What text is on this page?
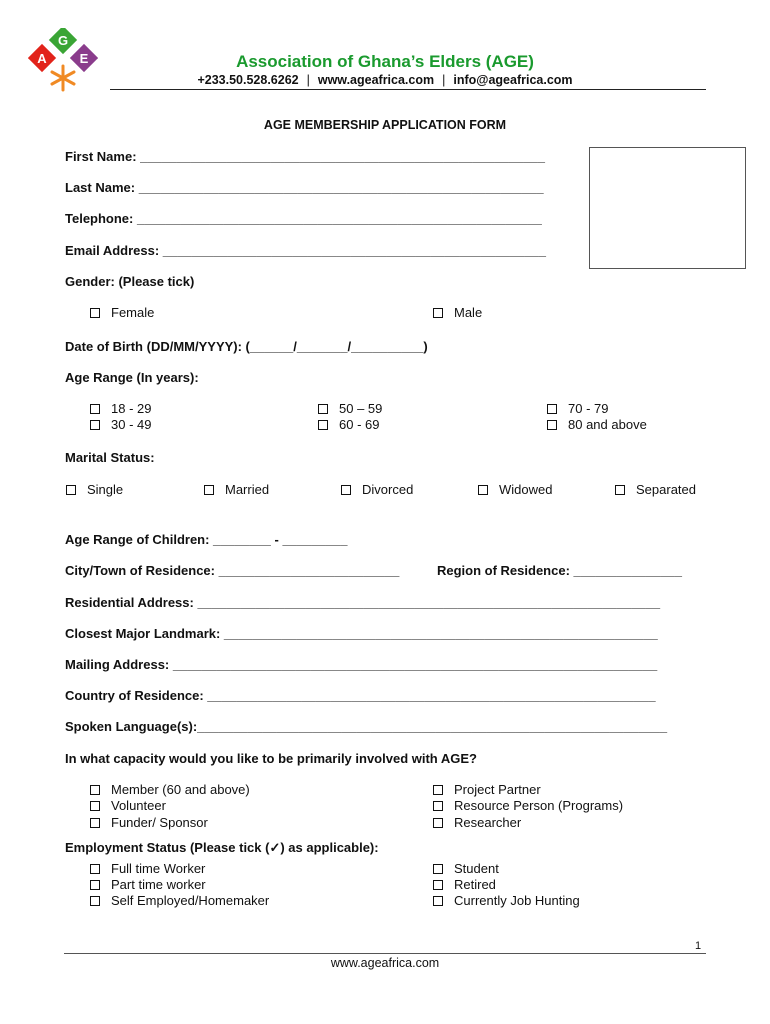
G
A	E	Association of Ghana’s Elders (AGE)
+233.50.528.6262 | www.ageafrica.com | info@ageafrica.com
AGE MEMBERSHIP APPLICATION FORM
First Name: ________________________________________________________
Last Name: ________________________________________________________
Telephone: ________________________________________________________
Email Address: _____________________________________________________
Gender: (Please tick)
Female	Male
Date of Birth (DD/MM/YYYY): (______/_______/__________)
Age Range (In years):
18 - 29
30 - 49
50 – 59
60 - 69
70 - 79
80 and above
Marital Status:
Single	Married	Divorced	Widowed	Separated
Age Range of Children: ________ - _________
City/Town of Residence: _________________________	Region of Residence: _______________
Residential Address: ________________________________________________________________
Closest Major Landmark: ____________________________________________________________
Mailing Address: ___________________________________________________________________
Country of Residence: ______________________________________________________________
Spoken Language(s):_________________________________________________________________
In what capacity would you like to be primarily involved with AGE?
Member (60 and above)
Volunteer
Funder/ Sponsor
Project Partner
Resource Person (Programs)
Researcher
Employment Status (Please tick (✓) as applicable):
Full time Worker
Part time worker
Self Employed/Homemaker
Student
Retired
Currently Job Hunting
1
www.ageafrica.com
